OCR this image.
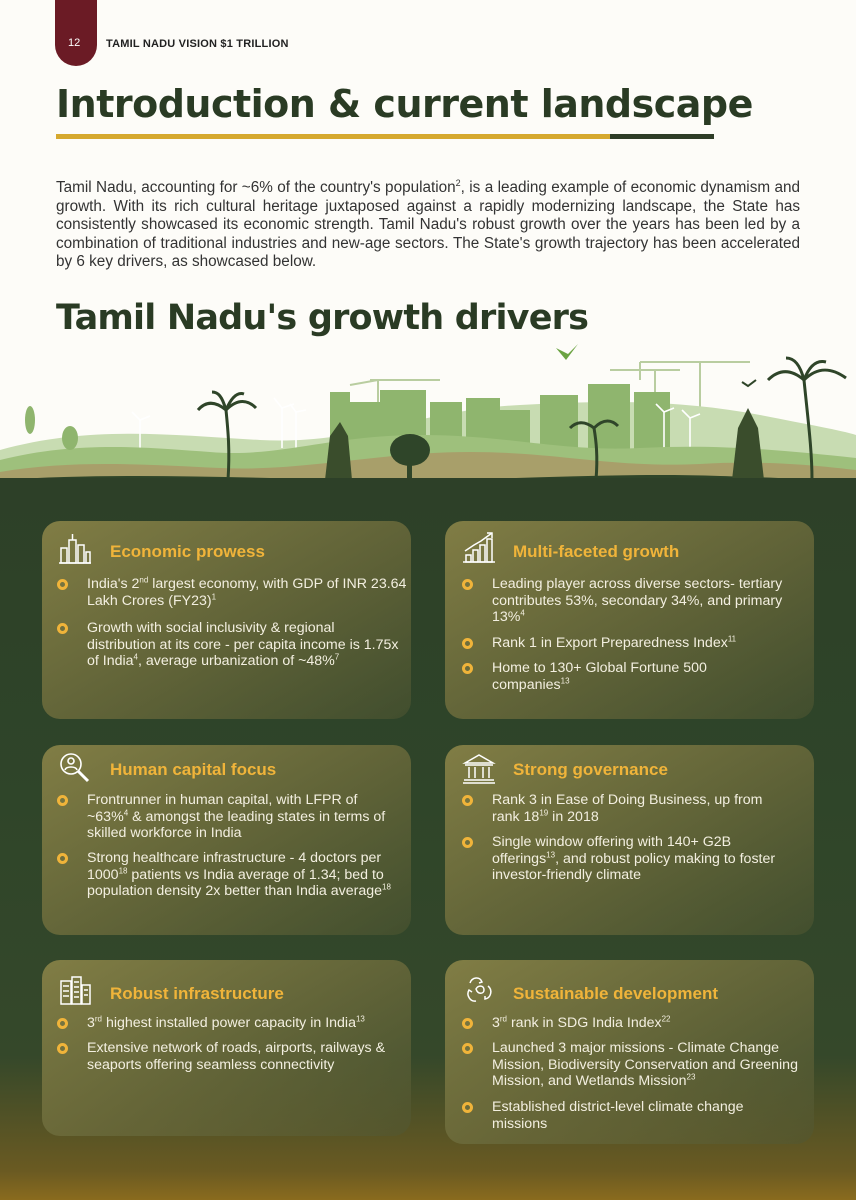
12 TAMIL NADU VISION $1 TRILLION
Introduction & current landscape

Tamil Nadu, accounting for ~6% of the country's population$^2$, is a leading example of economic dynamism and growth. With its rich cultural heritage juxtaposed against a rapidly modernizing landscape, the State has consistently showcased its economic strength. Tamil Nadu's robust growth over the years has been led by a combination of traditional industries and new-age sectors. The State's growth trajectory has been accelerated by 6 key drivers, as showcased below.

Tamil Nadu's growth drivers
Economic prowess
India's 2nd largest economy, with GDP of INR 23.64 Lakh Crores $(FY23)^1$
Growth with social inclusivity & regional distribution at its core - per capita income is 1.75x of India$^4$, average urbanization of ~48%$^7$
Multi-faceted growth
Leading player across diverse sectors- tertiary contributes 53%, secondary 34%, and primary 13%$^4$
Rank 1 in Export Preparedness Index$^{11}$
Home to 130+ Global Fortune 500 companies$^{13}$
Human capital focus
Frontrunner in human capital, with LFPR of ~63%$^4$ & amongst the leading states in terms of skilled workforce in India
Strong healthcare infrastructure - 4 doctors per 1000$^{18}$ patients vs India average of 1.34; bed to population density 2x better than India average$^{18}$
Strong governance
Rank 3 in Ease of Doing Business, up from rank $18^{19}$ in 2018
Single window offering with 140+ G2B offerings$^{13}$, and robust policy making to foster investor-friendly climate
Robust infrastructure
3rd highest installed power capacity in India$^{13}$
Extensive network of roads, airports, railways & seaports offering seamless connectivity
Sustainable development
3rd rank in SDG India Index$^{22}$
Launched 3 major missions - Climate Change Mission, Biodiversity Conservation and Greening Mission, and Wetlands Mission$^{23}$
Established district-level climate change missions
